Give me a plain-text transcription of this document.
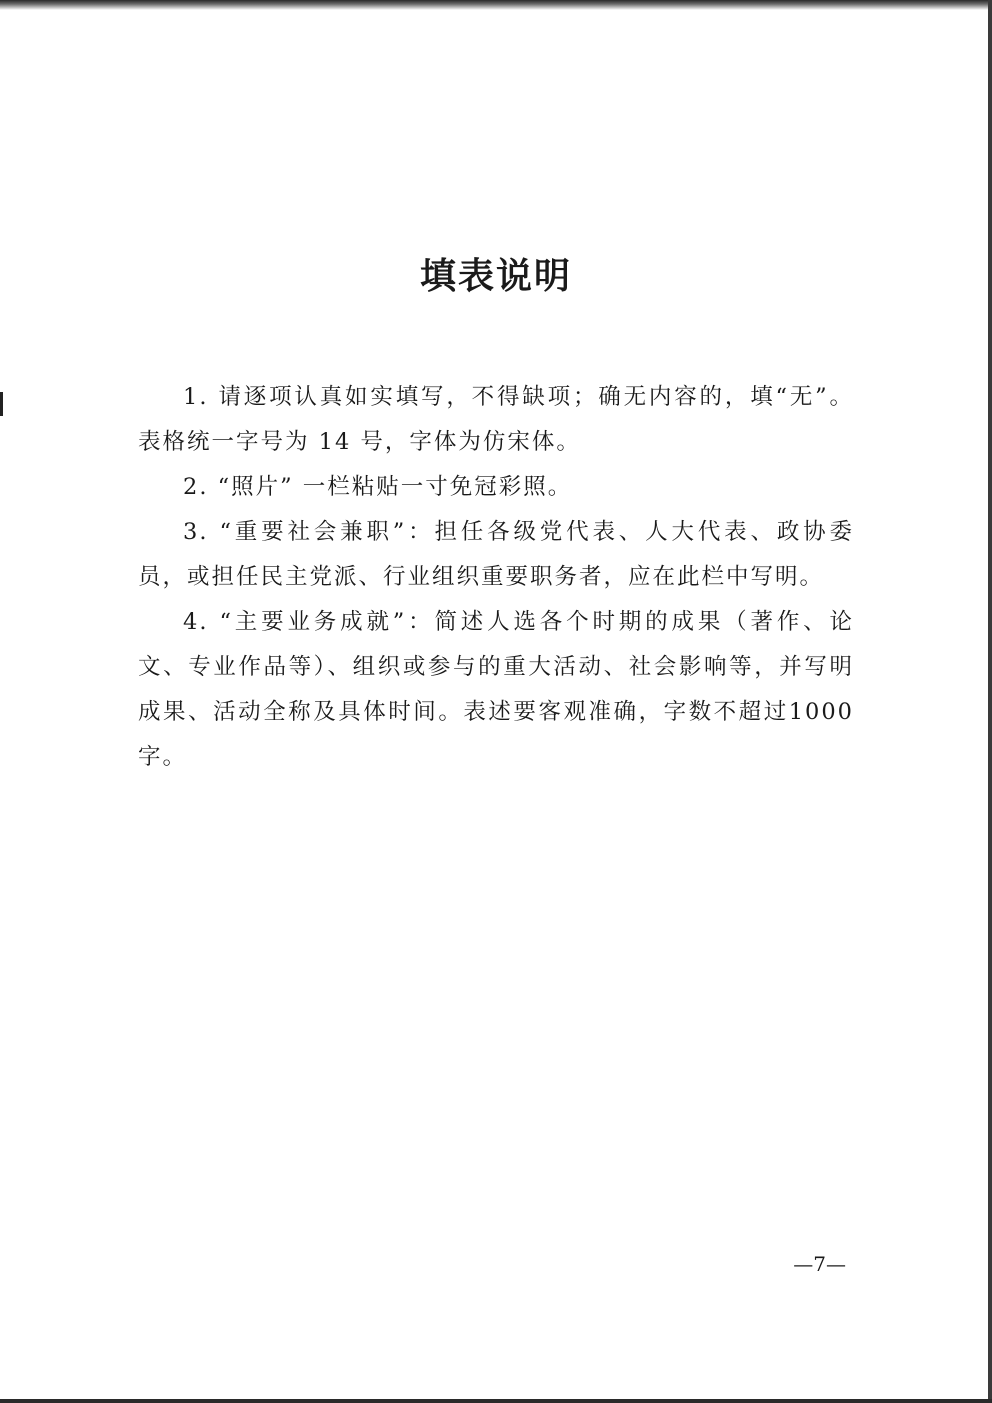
填表说明

1. 请逐项认真如实填写，不得缺项；确无内容的，填“无”。表格统一字号为 14 号，字体为仿宋体。

2. “照片” 一栏粘贴一寸免冠彩照。

3. “重要社会兼职”：担任各级党代表、人大代表、政协委员，或担任民主党派、行业组织重要职务者，应在此栏中写明。

4. “主要业务成就”：简述人选各个时期的成果（著作、论文、专业作品等）、组织或参与的重大活动、社会影响等，并写明成果、活动全称及具体时间。表述要客观准确，字数不超过1000字。

—7—
